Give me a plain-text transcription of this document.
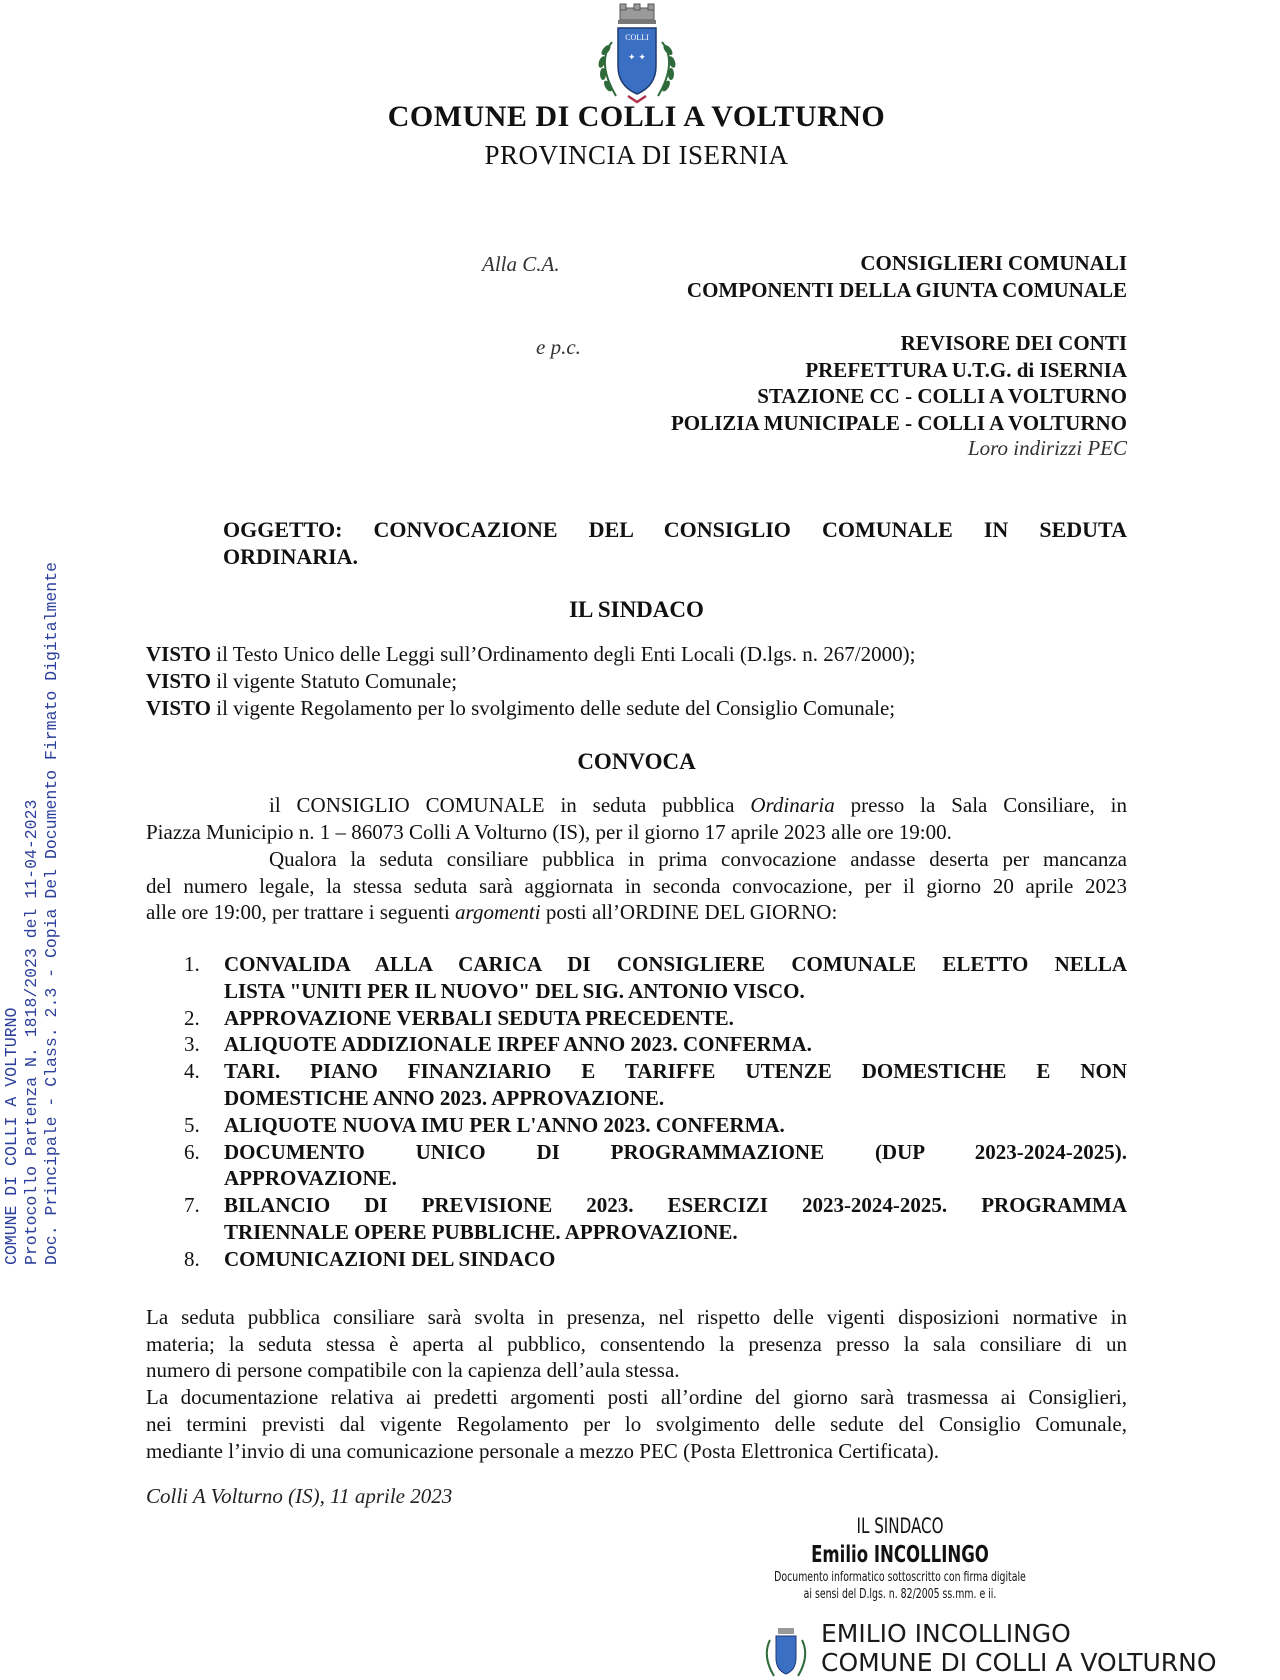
COLLI
✦ ✦
COMUNE DI COLLI A VOLTURNO
PROVINCIA DI ISERNIA
COMUNE DI COLLI A VOLTURNO Protocollo Partenza N. 1818/2023 del 11-04-2023 Doc. Principale - Class. 2.3 - Copia Del Documento Firmato Digitalmente
Alla C.A.	CONSIGLIERI COMUNALI
COMPONENTI DELLA GIUNTA COMUNALE
e p.c.	REVISORE DEI CONTI
PREFETTURA U.T.G. di ISERNIA
STAZIONE CC - COLLI A VOLTURNO
POLIZIA MUNICIPALE - COLLI A VOLTURNO
Loro indirizzi PEC
OGGETTO: CONVOCAZIONE DEL CONSIGLIO COMUNALE IN SEDUTA
ORDINARIA.
IL SINDACO
VISTO il Testo Unico delle Leggi sull’Ordinamento degli Enti Locali (D.lgs. n. 267/2000);
VISTO il vigente Statuto Comunale;
VISTO il vigente Regolamento per lo svolgimento delle sedute del Consiglio Comunale;
CONVOCA
il CONSIGLIO COMUNALE in seduta pubblica Ordinaria presso la Sala Consiliare, in
Piazza Municipio n. 1 – 86073 Colli A Volturno (IS), per il giorno 17 aprile 2023 alle ore 19:00.
Qualora la seduta consiliare pubblica in prima convocazione andasse deserta per mancanza
del numero legale, la stessa seduta sarà aggiornata in seconda convocazione, per il giorno 20 aprile 2023
alle ore 19:00, per trattare i seguenti argomenti posti all’ORDINE DEL GIORNO:
1.	CONVALIDA ALLA CARICA DI CONSIGLIERE COMUNALE ELETTO NELLA
LISTA "UNITI PER IL NUOVO" DEL SIG. ANTONIO VISCO.
2.	APPROVAZIONE VERBALI SEDUTA PRECEDENTE.
3.	ALIQUOTE ADDIZIONALE IRPEF ANNO 2023. CONFERMA.
4.	TARI. PIANO FINANZIARIO E TARIFFE UTENZE DOMESTICHE E NON
DOMESTICHE ANNO 2023. APPROVAZIONE.
5.	ALIQUOTE NUOVA IMU PER L'ANNO 2023. CONFERMA.
6.	DOCUMENTO UNICO DI PROGRAMMAZIONE (DUP 2023-2024-2025).
APPROVAZIONE.
7.	BILANCIO DI PREVISIONE 2023. ESERCIZI 2023-2024-2025. PROGRAMMA
TRIENNALE OPERE PUBBLICHE. APPROVAZIONE.
8.	COMUNICAZIONI DEL SINDACO
La seduta pubblica consiliare sarà svolta in presenza, nel rispetto delle vigenti disposizioni normative in
materia; la seduta stessa è aperta al pubblico, consentendo la presenza presso la sala consiliare di un
numero di persone compatibile con la capienza dell’aula stessa.
La documentazione relativa ai predetti argomenti posti all’ordine del giorno sarà trasmessa ai Consiglieri,
nei termini previsti dal vigente Regolamento per lo svolgimento delle sedute del Consiglio Comunale,
mediante l’invio di una comunicazione personale a mezzo PEC (Posta Elettronica Certificata).
Colli A Volturno (IS), 11 aprile 2023
IL SINDACO
Emilio INCOLLINGO
Documento informatico sottoscritto con firma digitale
ai sensi del D.lgs. n. 82/2005 ss.mm. e ii.
EMILIO INCOLLINGO
COMUNE DI COLLI A VOLTURNO
